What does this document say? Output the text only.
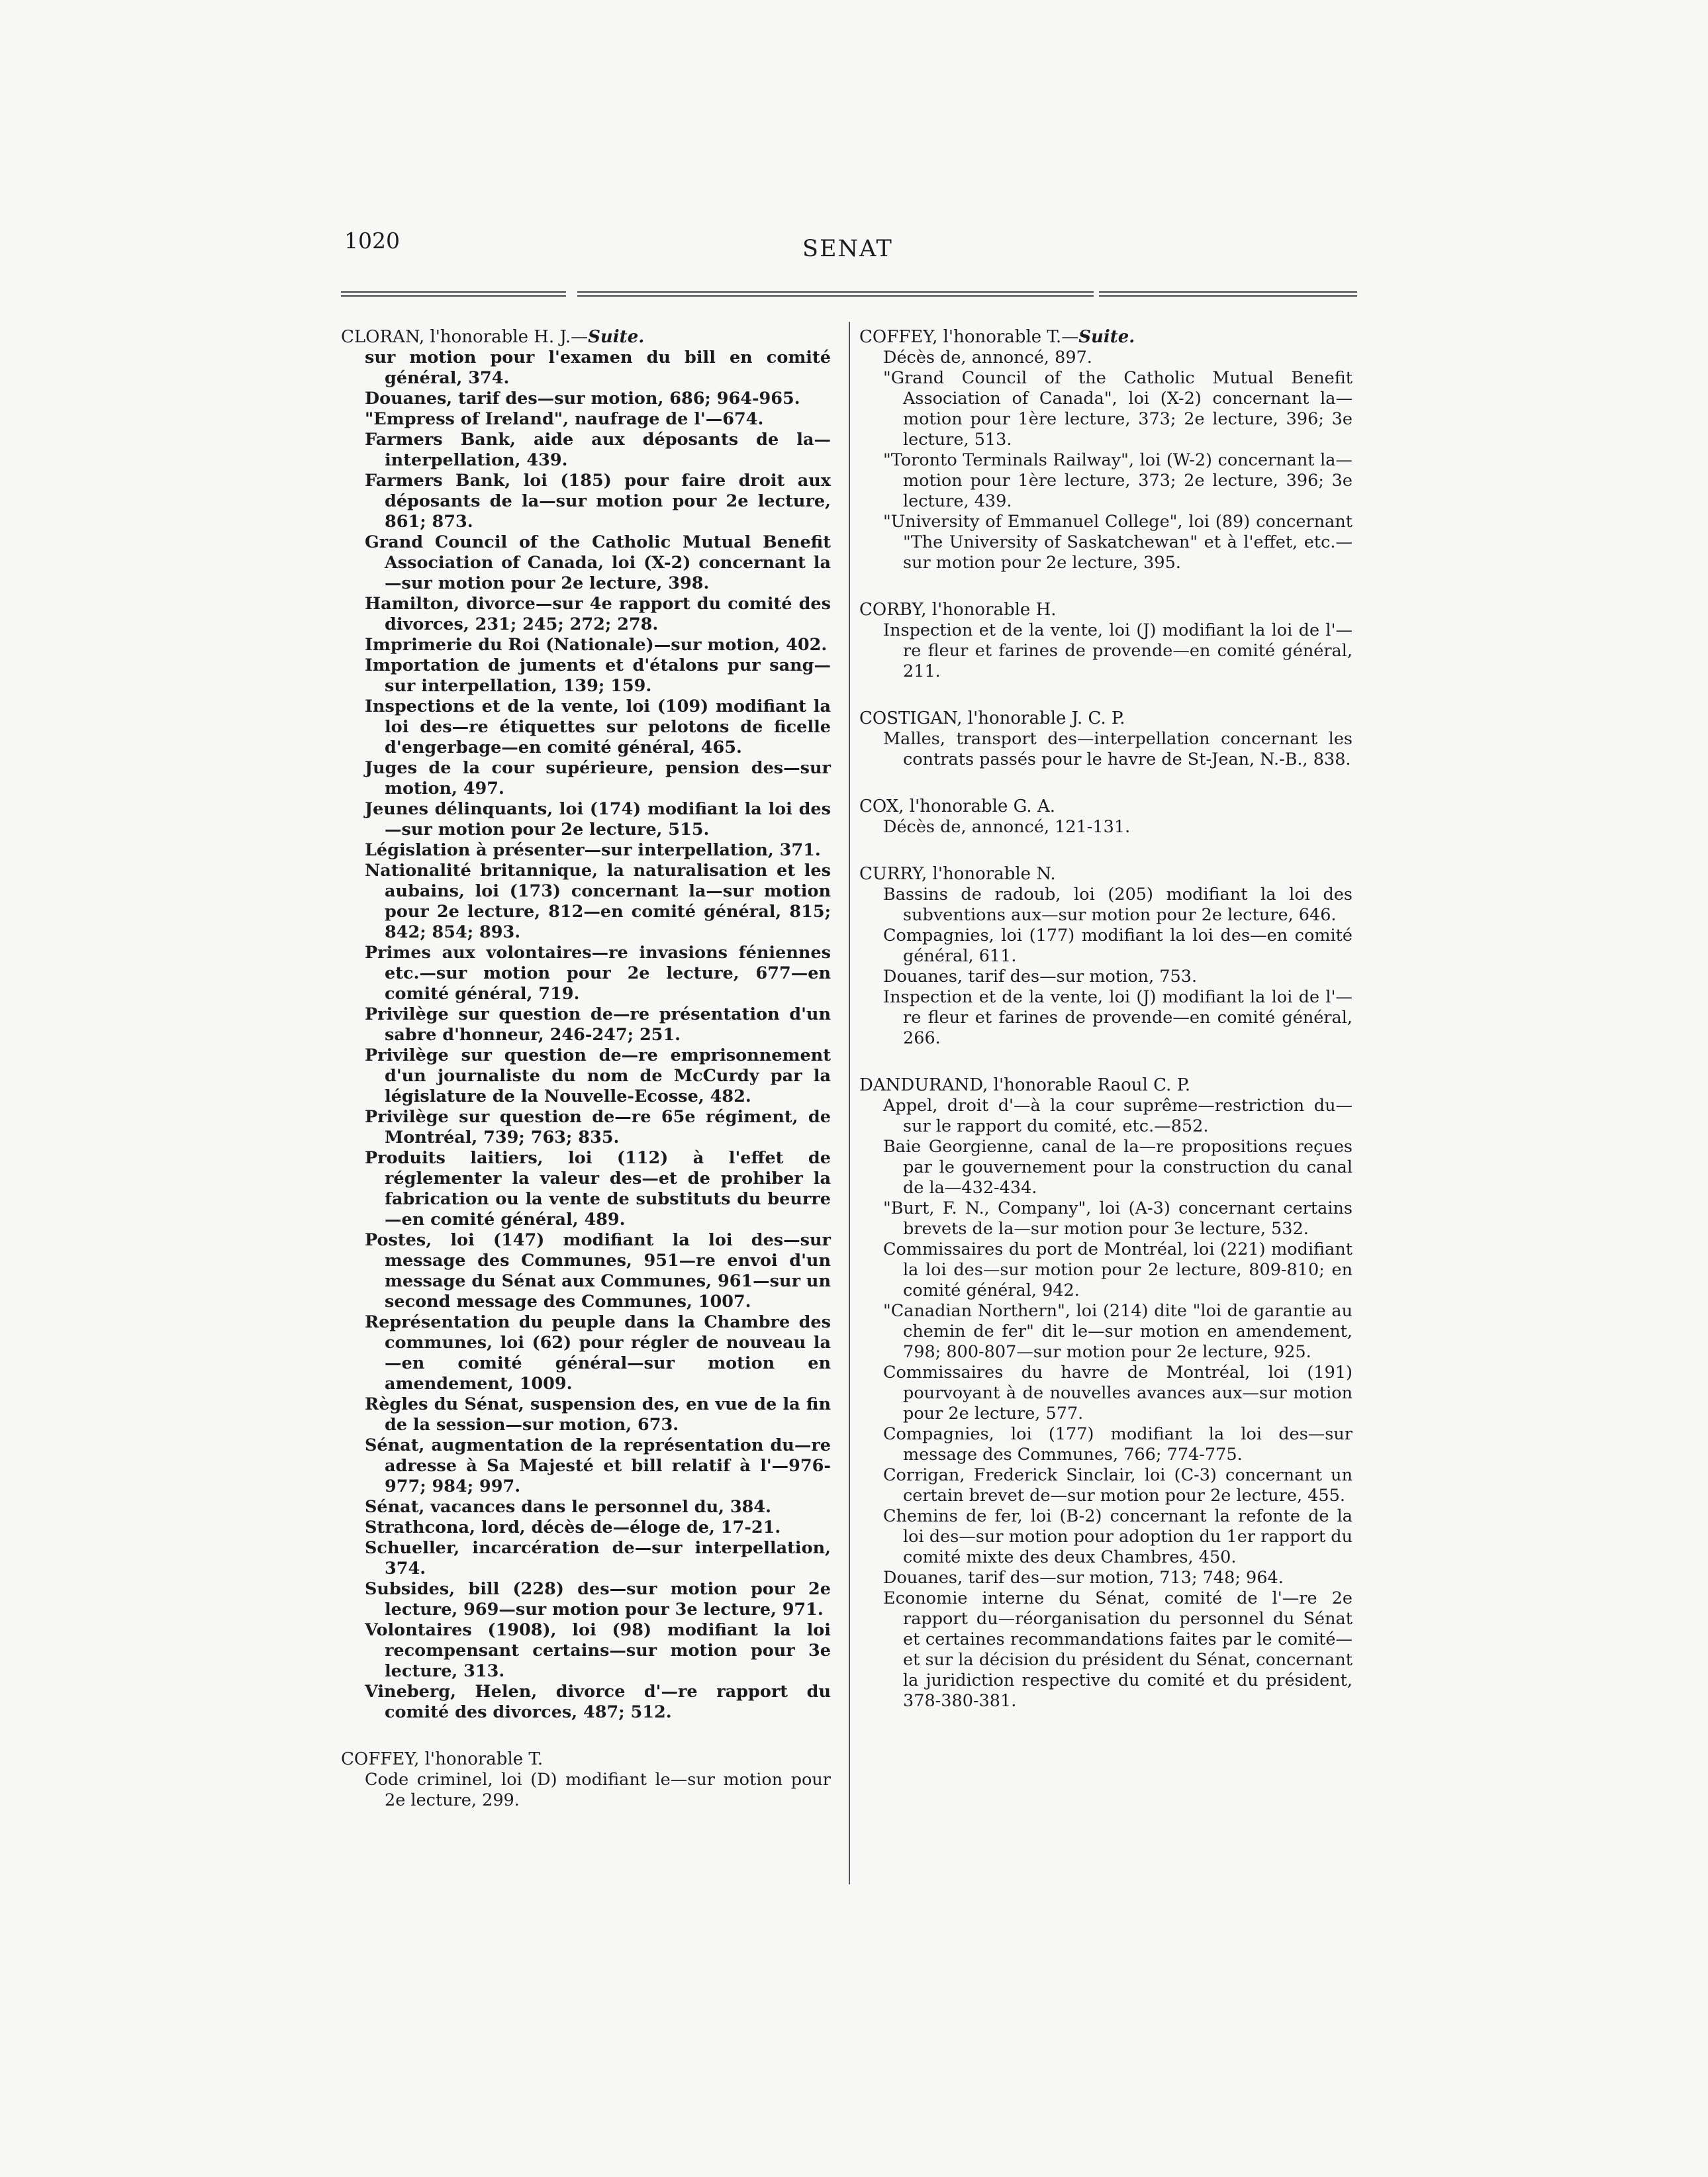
1020	SENAT
CLORAN, l'honorable H. J.—Suite.
sur motion pour l'examen du bill en comité général, 374.
Douanes, tarif des—sur motion, 686; 964-965.
"Empress of Ireland", naufrage de l'—674.
Farmers Bank, aide aux déposants de la—interpellation, 439.
Farmers Bank, loi (185) pour faire droit aux déposants de la—sur motion pour 2e lecture, 861; 873.
Grand Council of the Catholic Mutual Benefit Association of Canada, loi (X-2) concernant la—sur motion pour 2e lecture, 398.
Hamilton, divorce—sur 4e rapport du comité des divorces, 231; 245; 272; 278.
Imprimerie du Roi (Nationale)—sur motion, 402.
Importation de juments et d'étalons pur sang—sur interpellation, 139; 159.
Inspections et de la vente, loi (109) modifiant la loi des—re étiquettes sur pelotons de ficelle d'engerbage—en comité général, 465.
Juges de la cour supérieure, pension des—sur motion, 497.
Jeunes délinquants, loi (174) modifiant la loi des—sur motion pour 2e lecture, 515.
Législation à présenter—sur interpellation, 371.
Nationalité britannique, la naturalisation et les aubains, loi (173) concernant la—sur motion pour 2e lecture, 812—en comité général, 815; 842; 854; 893.
Primes aux volontaires—re invasions féniennes etc.—sur motion pour 2e lecture, 677—en comité général, 719.
Privilège sur question de—re présentation d'un sabre d'honneur, 246-247; 251.
Privilège sur question de—re emprisonnement d'un journaliste du nom de McCurdy par la législature de la Nouvelle-Ecosse, 482.
Privilège sur question de—re 65e régiment, de Montréal, 739; 763; 835.
Produits laitiers, loi (112) à l'effet de réglementer la valeur des—et de prohiber la fabrication ou la vente de substituts du beurre—en comité général, 489.
Postes, loi (147) modifiant la loi des—sur message des Communes, 951—re envoi d'un message du Sénat aux Communes, 961—sur un second message des Communes, 1007.
Représentation du peuple dans la Chambre des communes, loi (62) pour régler de nouveau la—en comité général—sur motion en amendement, 1009.
Règles du Sénat, suspension des, en vue de la fin de la session—sur motion, 673.
Sénat, augmentation de la représentation du—re adresse à Sa Majesté et bill relatif à l'—976-977; 984; 997.
Sénat, vacances dans le personnel du, 384.
Strathcona, lord, décès de—éloge de, 17-21.
Schueller, incarcération de—sur interpellation, 374.
Subsides, bill (228) des—sur motion pour 2e lecture, 969—sur motion pour 3e lecture, 971.
Volontaires (1908), loi (98) modifiant la loi recompensant certains—sur motion pour 3e lecture, 313.
Vineberg, Helen, divorce d'—re rapport du comité des divorces, 487; 512.
COFFEY, l'honorable T.
Code criminel, loi (D) modifiant le—sur motion pour 2e lecture, 299.
COFFEY, l'honorable T.—Suite.
Décès de, annoncé, 897.
"Grand Council of the Catholic Mutual Benefit Association of Canada", loi (X-2) concernant la—motion pour 1ère lecture, 373; 2e lecture, 396; 3e lecture, 513.
"Toronto Terminals Railway", loi (W-2) concernant la— motion pour 1ère lecture, 373; 2e lecture, 396; 3e lecture, 439.
"University of Emmanuel College", loi (89) concernant "The University of Saskatchewan" et à l'effet, etc.—sur motion pour 2e lecture, 395.
CORBY, l'honorable H.
Inspection et de la vente, loi (J) modifiant la loi de l'—re fleur et farines de provende—en comité général, 211.
COSTIGAN, l'honorable J. C. P.
Malles, transport des—interpellation concernant les contrats passés pour le havre de St-Jean, N.-B., 838.
COX, l'honorable G. A.
Décès de, annoncé, 121-131.
CURRY, l'honorable N.
Bassins de radoub, loi (205) modifiant la loi des subventions aux—sur motion pour 2e lecture, 646.
Compagnies, loi (177) modifiant la loi des—en comité général, 611.
Douanes, tarif des—sur motion, 753.
Inspection et de la vente, loi (J) modifiant la loi de l'—re fleur et farines de provende—en comité général, 266.
DANDURAND, l'honorable Raoul C. P.
Appel, droit d'—à la cour suprême—restriction du—sur le rapport du comité, etc.—852.
Baie Georgienne, canal de la—re propositions reçues par le gouvernement pour la construction du canal de la—432-434.
"Burt, F. N., Company", loi (A-3) concernant certains brevets de la—sur motion pour 3e lecture, 532.
Commissaires du port de Montréal, loi (221) modifiant la loi des—sur motion pour 2e lecture, 809-810; en comité général, 942.
"Canadian Northern", loi (214) dite "loi de garantie au chemin de fer" dit le—sur motion en amendement, 798; 800-807—sur motion pour 2e lecture, 925.
Commissaires du havre de Montréal, loi (191) pourvoyant à de nouvelles avances aux—sur motion pour 2e lecture, 577.
Compagnies, loi (177) modifiant la loi des—sur message des Communes, 766; 774-775.
Corrigan, Frederick Sinclair, loi (C-3) concernant un certain brevet de—sur motion pour 2e lecture, 455.
Chemins de fer, loi (B-2) concernant la refonte de la loi des—sur motion pour adoption du 1er rapport du comité mixte des deux Chambres, 450.
Douanes, tarif des—sur motion, 713; 748; 964.
Economie interne du Sénat, comité de l'—re 2e rapport du—réorganisation du personnel du Sénat et certaines recommandations faites par le comité—et sur la décision du président du Sénat, concernant la juridiction respective du comité et du président, 378-380-381.
